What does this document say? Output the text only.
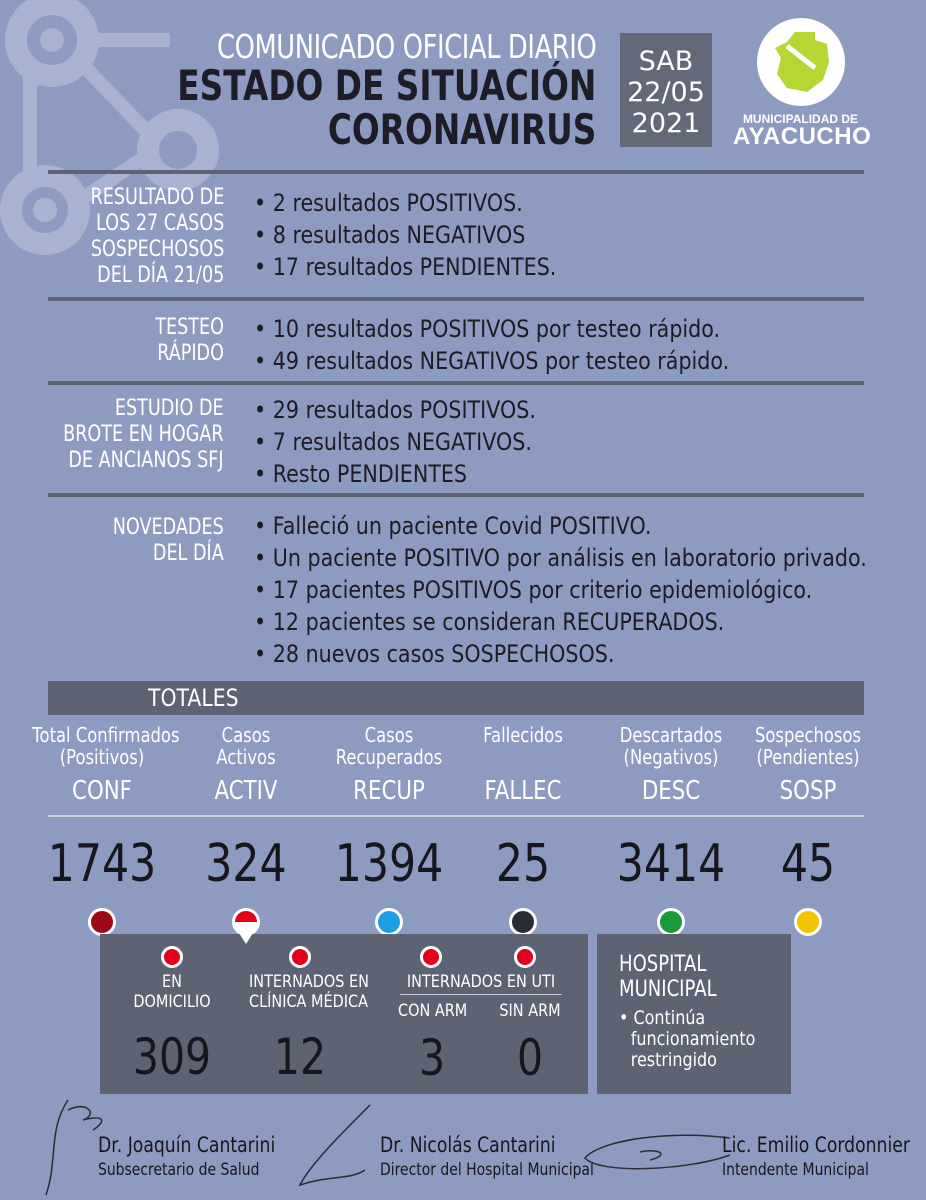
COMUNICADO OFICIAL DIARIO
ESTADO DE SITUACIÓN
CORONAVIRUS
SAB
22/05
2021	MUNICIPALIDAD DE
AYACUCHO
RESULTADO DE
LOS 27 CASOS
SOSPECHOSOS
DEL DÍA 21/05
• 2 resultados POSITIVOS.
• 8 resultados NEGATIVOS
• 17 resultados PENDIENTES.
TESTEO
RÁPIDO
• 10 resultados POSITIVOS por testeo rápido.
• 49 resultados NEGATIVOS por testeo rápido.
ESTUDIO DE
BROTE EN HOGAR
DE ANCIANOS SFJ
• 29 resultados POSITIVOS.
• 7 resultados NEGATIVOS.
• Resto PENDIENTES
NOVEDADES
DEL DÍA
• Falleció un paciente Covid POSITIVO.
• Un paciente POSITIVO por análisis en laboratorio privado.
• 17 pacientes POSITIVOS por criterio epidemiológico.
• 12 pacientes se consideran RECUPERADOS.
• 28 nuevos casos SOSPECHOSOS.
TOTALES
Total Confirmados
(Positivos)
CONF
1743
Casos
Activos
ACTIV
324
Casos
Recuperados
RECUP
1394
Fallecidos
FALLEC
25
Descartados
(Negativos)
DESC
3414
Sospechosos
(Pendientes)
SOSP
45
EN
DOMICILIO
309
INTERNADOS EN
CLÍNICA MÉDICA
12
INTERNADOS EN UTI
CON ARM
3
SIN ARM
0
HOSPITAL
MUNICIPAL
• Continúa
funcionamiento
restringido
Dr. Joaquín Cantarini
Subsecretario de Salud
Dr. Nicolás Cantarini
Director del Hospital Municipal
Lic. Emilio Cordonnier
Intendente Municipal
